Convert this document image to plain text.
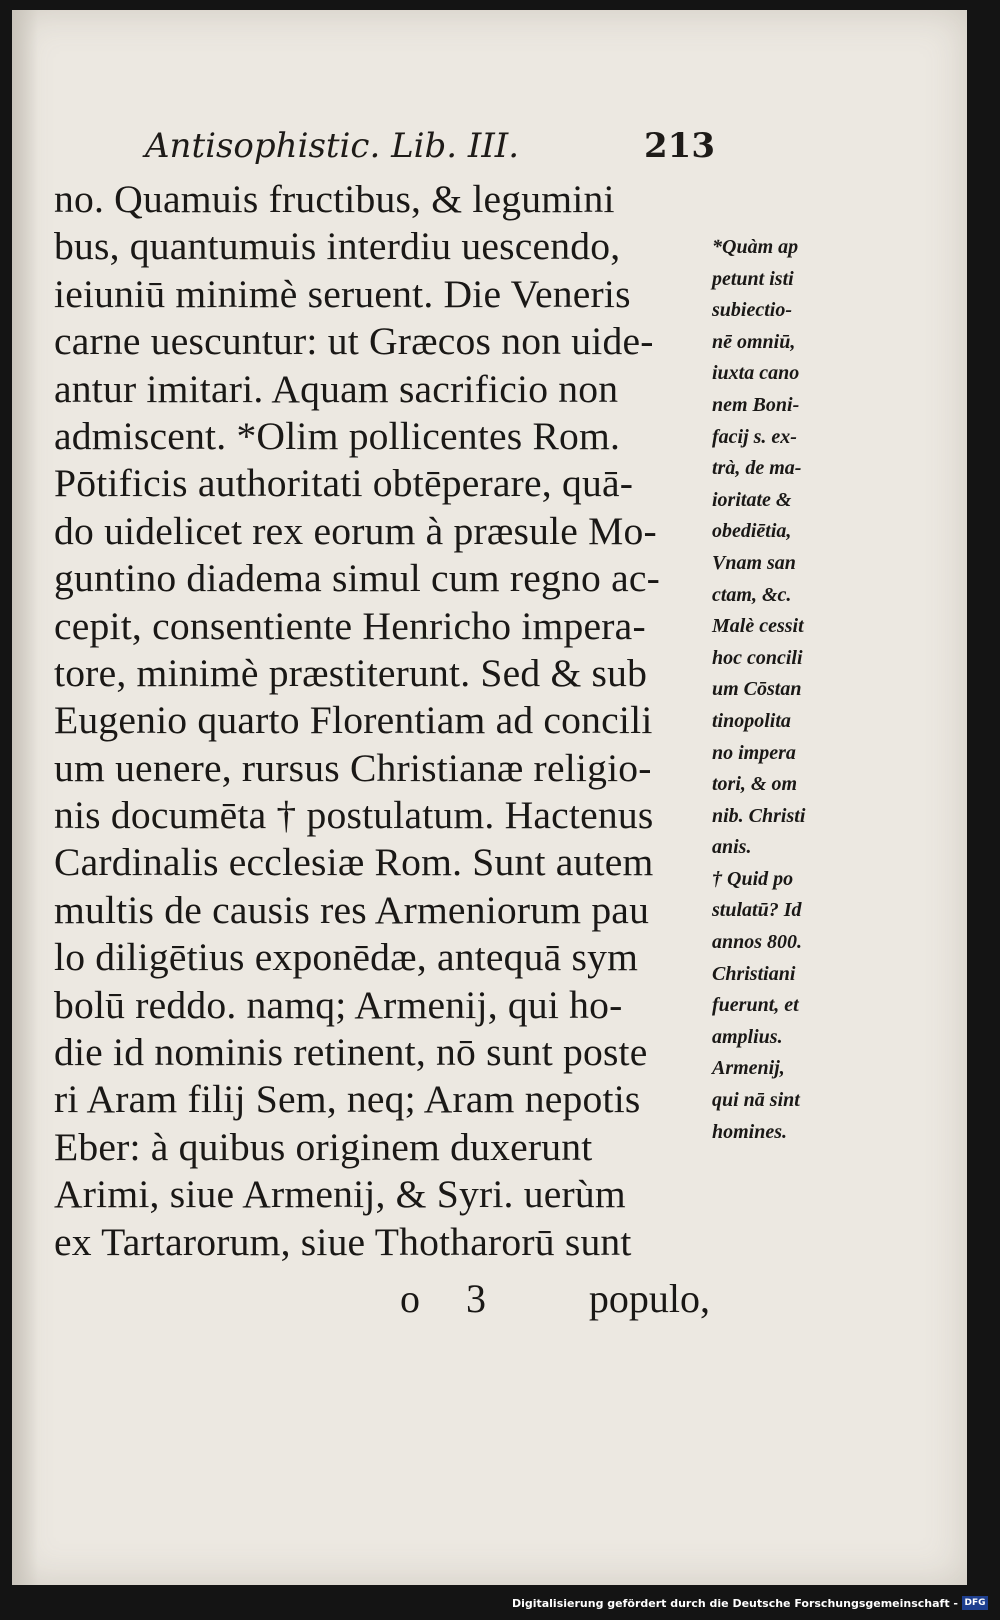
Antisophistic. Lib. III.	213
no. Quamuis fructibus, & legumini
bus, quantumuis interdiu uescendo,
ieiuniū minimè seruent. Die Veneris
carne uescuntur: ut Græcos non uide-
antur imitari. Aquam sacrificio non
admiscent. *Olim pollicentes Rom.
Pōtificis authoritati obtēperare, quā-
do uidelicet rex eorum à præsule Mo-
guntino diadema simul cum regno ac-
cepit, consentiente Henricho impera-
tore, minimè præstiterunt. Sed & sub
Eugenio quarto Florentiam ad concili
um uenere, rursus Christianæ religio-
nis documēta † postulatum. Hactenus
Cardinalis ecclesiæ Rom. Sunt autem
multis de causis res Armeniorum pau
lo diligētius exponēdæ, antequā sym
bolū reddo. namq; Armenij, qui ho-
die id nominis retinent, nō sunt poste
ri Aram filij Sem, neq; Aram nepotis
Eber: à quibus originem duxerunt
Arimi, siue Armenij, & Syri. uerùm
ex Tartarorum, siue Thotharorū sunt
*Quàm ap
petunt isti
subiectio-
nē omniū,
iuxta cano
nem Boni-
facij s. ex-
trà, de ma-
ioritate &
obediētia,
Vnam san
ctam, &c.
Malè cessit
hoc concili
um Cōstan
tinopolita
no impera
tori, & om
nib. Christi
anis.
† Quid po
stulatū? Id
annos 800.
Christiani
fuerunt, et
amplius.
Armenij,
qui nā sint
homines.
o 3 populo,
Digitalisierung gefördert durch die Deutsche Forschungsgemeinschaft - DFG
